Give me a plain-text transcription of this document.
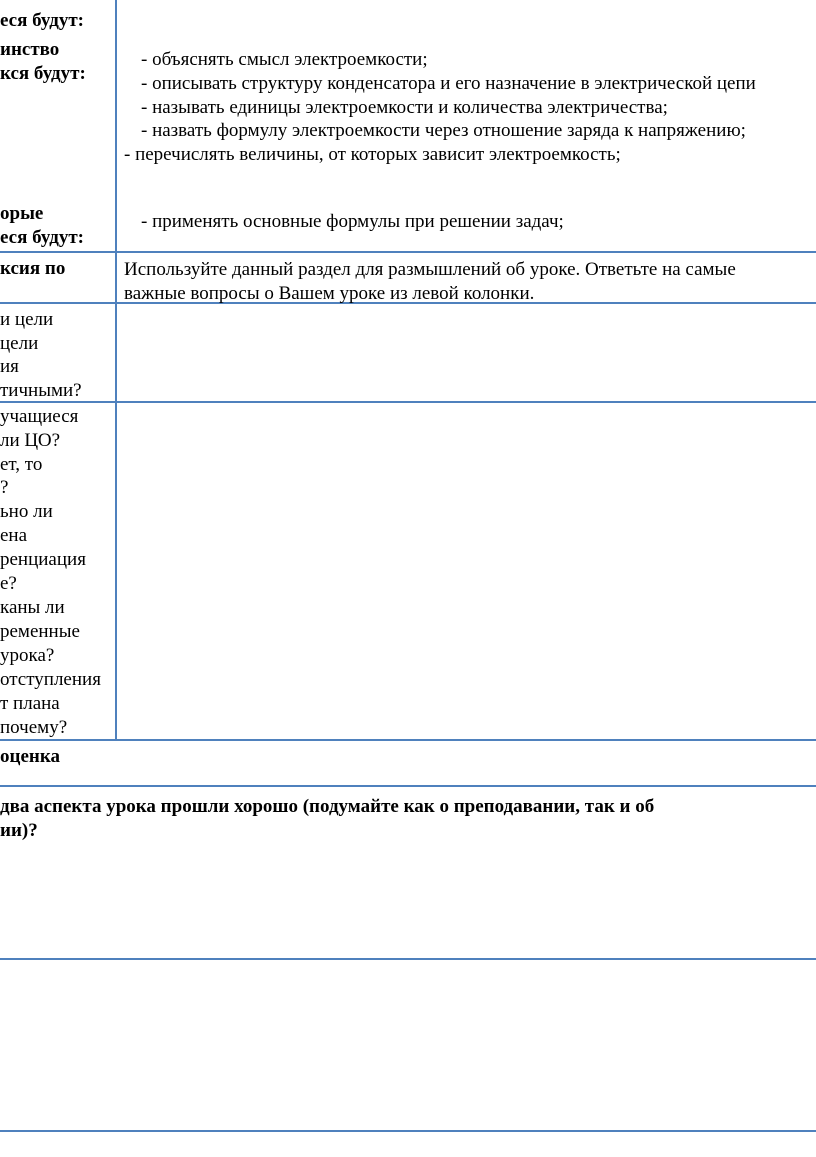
еся будут:
инство
кся будут:
орые
еся будут:
- объяснять смысл электроемкости;
- описывать структуру конденсатора и его назначение в электрической цепи
- называть единицы электроемкости и количества электричества;
- назвать формулу электроемкости через отношение заряда к напряжению;
- перечислять величины, от которых зависит электроемкость;
- применять основные формулы при решении задач;
ксия по	Используйте данный раздел для размышлений об уроке. Ответьте на самые
важные вопросы о Вашем уроке из левой колонки.
и цели
цели
ия
тичными?
учащиеся
ли ЦО?
ет, то
?
ьно ли
ена
ренциация
е?
каны ли
ременные
урока?
отступления
т плана
почему?
оценка
два аспекта урока прошли хорошо (подумайте как о преподавании, так и об
ии)?
